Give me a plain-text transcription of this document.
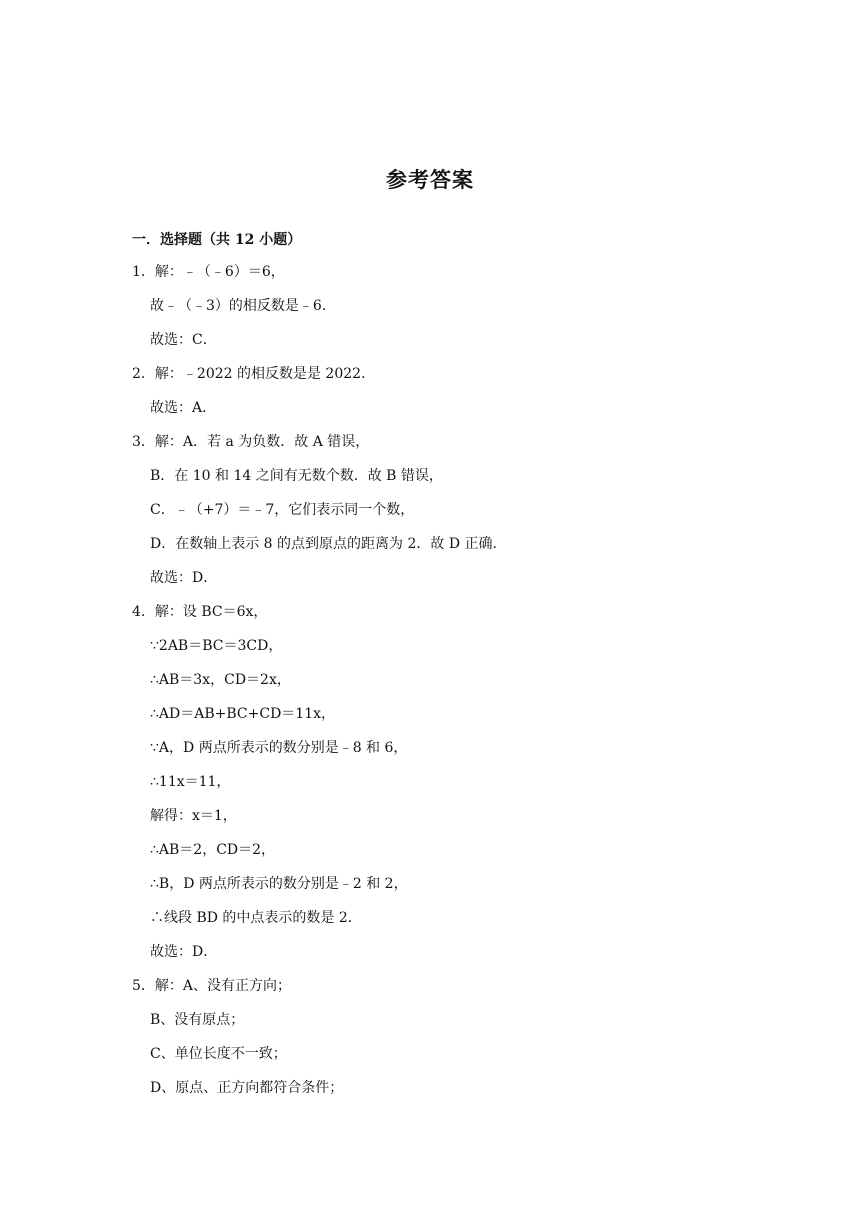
参考答案
一．选择题（共 12 小题）
1．解：﹣（﹣6）＝6，
故﹣（﹣3）的相反数是﹣6．
故选：C．
2．解：﹣2022 的相反数是是 2022．
故选：A．
3．解：A．若 a 为负数．故 A 错误，
B．在 10 和 14 之间有无数个数．故 B 错误，
C．﹣（+7）＝﹣7，它们表示同一个数，
D．在数轴上表示 8 的点到原点的距离为 2．故 D 正确．
故选：D．
4．解：设 BC＝6x，
∵2AB＝BC＝3CD，
∴AB＝3x，CD＝2x，
∴AD＝AB+BC+CD＝11x，
∵A，D 两点所表示的数分别是﹣8 和 6，
∴11x＝11，
解得：x＝1，
∴AB＝2，CD＝2，
∴B，D 两点所表示的数分别是﹣2 和 2，
∴线段 BD 的中点表示的数是 2．
故选：D．
5．解：A、没有正方向；
B、没有原点；
C、单位长度不一致；
D、原点、正方向都符合条件；
